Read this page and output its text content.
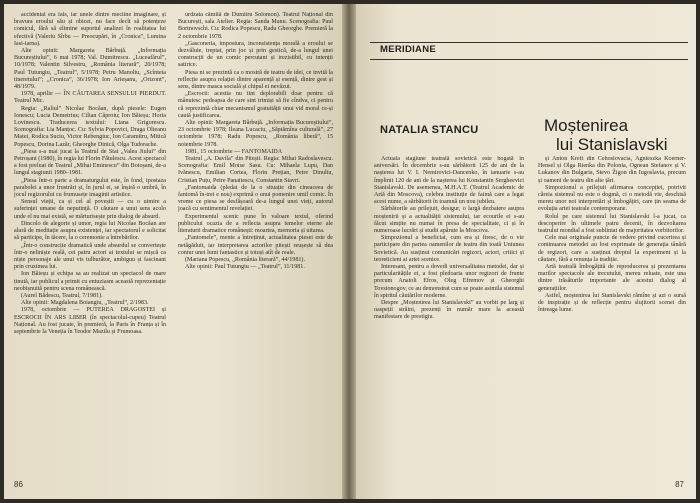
accidental era fals, iar unele dintre meciine imaginare, și bravura eroului său și obicei, nu face decît să potențeze comicul, fără să elimine suportul analizei în realitatea lui efectivă (Valeriu Sîrbu — Preocupări, în „Cronica”, Lumina Iasi-iarna).

Alte opinii: Margareta Bărbuță. „Informația Bucureștiului”, 6 mai 1978; Val. Dumitrescu. „Luceafărul”, 10/1978; Valentin Silvestru, „România literară”, 20/1978; Paul Tutungiu, „Teatrul”, 5/1978; Petru Manoliu, „Scînteia tineretului”; „Cronica”, 36/1978; Ion Arieșanu, „Orizont”, 48/1979.

1978, aprilie — ÎN CĂUTAREA SENSULUI PIERDUT. Teatrul Mic.

Regia: „Raliul” Nicolae Bocăan, după piesele: Eugen Ionescu; Lucia Demetrius; Cilian Căproiu; Ion Băieșu; Horia Lovinescu. Traducerea textului: Liana Grigorescu. Scenografia: Lia Manțoc. Cu: Sylvia Popovici, Draga Olteanu Matei, Rodica Suciu, Victor Rebengiuc, Ion Caramitru, Mitică Popescu, Dorina Lazăr, Gheorghe Dinică, Olga Tudorache.

„Piesa s-a mai jucat la Teatrul de Stat „Valea Jiului” din Petroșani (1980), în regia lui Florin Fătulescu. Acest spectacol a fost preluat de Teatrul „Mihai Eminescu” din Botoșani, de-a lungul stagiunii 1980–1981.

„Piesa într-o parte a dramaturgului este, în fond, ipostaza parabolei a unor frustrări și, în jurul ei, se înșiră o umbră, în jocul regizorului cu frumusețe imaginii artistice.

Sensul vieții, ca și cel al poveștii — cu o uimire a suferinței umane de neputință. O căutare a unui sens acolo unde el nu mai există, se mărturisește prin dialog de absurd.

Dincolo de alegorie și umor, regia lui Nicolae Bocăan are alură de meditație asupra existenței, iar spectatorul e solicitat să participe, în tăcere, la o ceremonie a întrebărilor.

„Într-o construcție dramatică unde absurdul se convertește într-o neliniște reală, cei patru actori ai textului se mișcă ca niște personaje ale unui vis tulburător, ambiguu și fascinant prin cruzimea lui.

Ion Băieșu și echipa sa au realizat un spectacol de mare ținută, iar publicul a primit cu entuziasm această reprezentație neobișnuită pentru scena românească.

(Aurel Bădescu, Teatrul, 7/1981).

Alte opinii: Magdalena Boiangiu, „Teatrul”, 2/1983.

1978, octombrie — PUTEREA DRAGOSTEI și ESCROCII ÎN ARS LIBER (în spectacolul-cupeu) Teatrul Național. Au fost jucate, în premieră, la Paris în Franța și în septembrie la Veneția în Teodor Mazilu și Frumoasa.

urdzata cămilă de Dumitru Solomon). Teatrul Național din București, sala Atelier. Regia: Sanda Manu. Scenografia: Paul Bortnovschi. Cu: Rodica Popescu, Radu Gheorghe. Premieră la 2 octombrie 1978.

„Gasconeria, impostura, inconsistența morală a eroului se dezvăluie, treptat, prin joc și prin gestică, de-a lungul unei construcții de un comic percutant și irezistibil, cu intenții satirice.

Piesa ni se prezintă ca o mostră de teatru de idei, ce invită la reflecție asupra relației dintre aparență și esență, dintre gest și sens, dintre masca socială și chipul ei nevăzut.

„Escrocii: acestia nu tint deplorabili doar pentru că mânuiesc pedeapsa de care sint trimiși să fie cîndva, ci pentru că reprezintă chiar mecanismul gratuității unui vid moral ce-și caută justificarea.

Alte opinii: Margareta Bărbuță. „Informația Bucureștiului”, 23 octombrie 1978; Ileana Lucaciu, „Săptămîna culturală”, 27 octombrie 1978; Radu Popescu, „România liberă”, 15 noiembrie 1978.

1981, 15 octombrie — FANTOMAIDA

Teatrul „A. Davila” din Pitești. Regia: Mihai Radoslavescu. Scenografia: Emil Moise Sasu. Cu: Mihaela Lupu, Dan Ivănescu, Emilian Cortea, Florin Prețian, Petre Dinuliu, Cristian Puțu, Petre Panaitescu, Constantin Stavri.

„Fantomaida (pledat de la o situație din cineaceea de fantomă în-trei e nou) exprimă o unui pomenire umil comic. În vreme ce piesa se desfășoară de-a lungul unei vieți, autorul joacă cu sentimentul revelației.

Experimentul scenic pune în valoare textul, oferind publicului ocazia de a reflecta asupra temelor eterne ale literaturii dramatice românești: moartea, memoria și uitarea.

„Fantomele”, mente a întreținut, actualitatea piesei este de netăgăduit, iar interpretarea actorilor pitești reușește să dea contur unei lumi fantastice și totuși atît de reale.

(Mariana Popescu, „România literară”, 44/1981).

Alte opinii: Paul Tutungiu — „Teatrul”, 11/1981.

86
MERIDIANE
NATALIA STANCU	Moștenirea
lui Stanislavski

Actuala stagiune teatrală sovietică este bogată în aniversări. În decembrie s-au sărbătorit 125 de ani de la nașterea lui V. I. Nemirovici-Dancenko, în ianuarie s-au împlinit 120 de ani de la nașterea lui Konstantin Sergheevici Stanislavski. De asemenea, M.H.A.T. (Teatrul Academic de Artă din Moscova), celebra instituție de faimă care a legat acest nume, a sărbătorit în toamnă un nou jubileu.

Sărbătorile au prilejuit, desigur, o largă dezbatere asupra moștenirii și a actualității sistemului, iar ecourile ei s-au făcut simțite nu numai în presa de specialitate, ci și în numeroase lucrări și studii apărute la Moscova.

Simpozionul a beneficiat, cum era și firesc, de o vie participare din partea oamenilor de teatru din toată Uniunea Sovietică. Au susținut comunicări regizori, actori, critici și teoreticieni ai artei scenice.

Interesant, pentru a dovedi universalitatea metodei, dar și particularitățile ei, a fost pledoaria unor regizori de frunte precum Anatoli Efros, Oleg Efremov și Gheorghi Tovstonogov, ce au demonstrat cum se poate asimila sistemul în spiritul căutărilor moderne.

Despre „Moștenirea lui Stanislavski” au vorbit pe larg și oaspeții străini, prezenți în număr mare la această manifestare de prestigiu.

și Anton Kreft din Cehoslovacia, Agnieszka Koerner-Hensel și Olga Rienka din Polonia, Ognean Stefanov și V. Lukanov din Bulgaria, Stevo Žigon din Iugoslavia, precum și oameni de teatru din alte țări.

Simpozionul a prilejuit afirmarea concepției, potrivit căreia sistemul nu este o dogmă, ci o metodă vie, deschisă mereu unor noi interpretări și îmbogățiri, care țin seama de evoluția artei teatrale contemporane.

Rolul pe care sistemul lui Stanislavski l-a jucat, ca descoperire în ultimele patru decenii, în dezvoltarea teatrului mondial a fost subliniat de majoritatea vorbitorilor.

Cele mai originale puncte de vedere privind cucerirea și continuarea metodei au fost exprimate de generația tânără de regizori, care a susținut dreptul la experiment și la căutare, fără a renunța la tradiție.

Artă teatrală îmbogățită de reproducerea și prezentarea marilor spectacole ale trecutului, mereu reluate, este una dintre trăsăturile importante ale acestui dialog al generațiilor.

Astfel, moștenirea lui Stanislavski rămîne și azi o sursă de inspirație și de reflecție pentru slujitorii scenei din întreaga lume.

87
